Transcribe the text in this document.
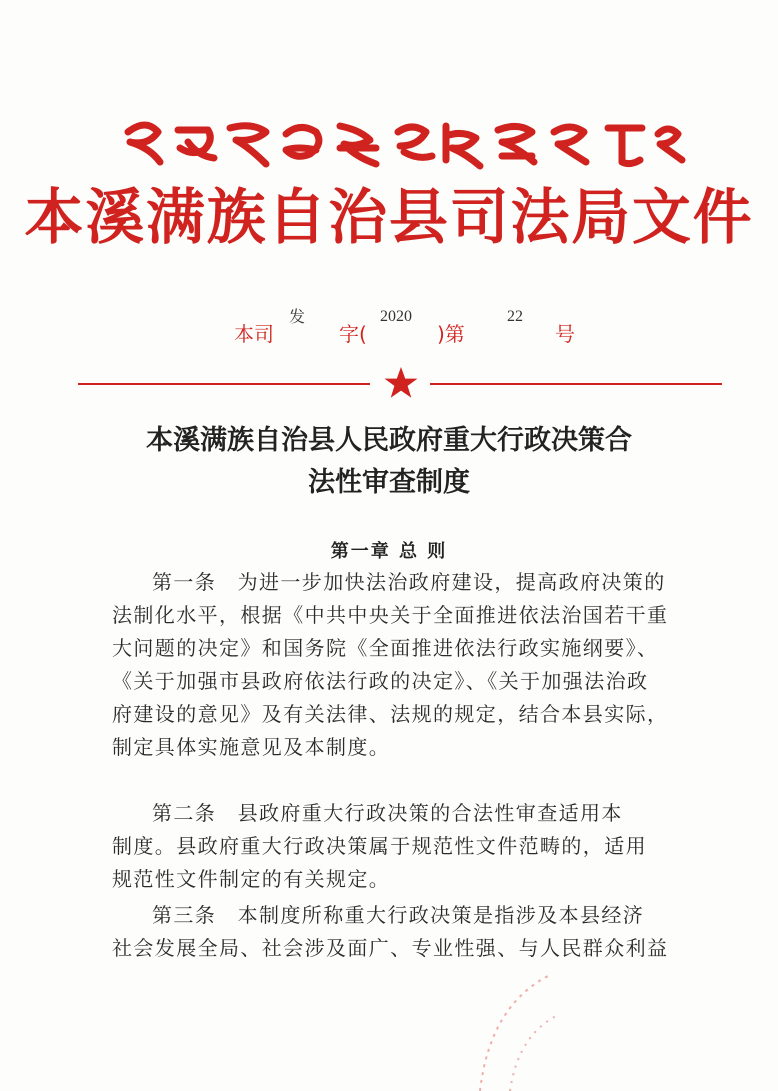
ᠪᡝᠨ ᠰᡳ ᠮᠠᠨᠵᡠ ᡠᡴᠰᡠᡵᠠ
本溪满族自治县司法局文件
本司
发
字(
2020
)第
22
号
本溪满族自治县人民政府重大行政决策合
法性审查制度
第一章 总 则
第一条　为进一步加快法治政府建设，提高政府决策的
法制化水平，根据《中共中央关于全面推进依法治国若干重
大问题的决定》和国务院《全面推进依法行政实施纲要》、
《关于加强市县政府依法行政的决定》、《关于加强法治政
府建设的意见》及有关法律、法规的规定，结合本县实际，
制定具体实施意见及本制度。
第二条　县政府重大行政决策的合法性审查适用本
制度。县政府重大行政决策属于规范性文件范畴的，适用
规范性文件制定的有关规定。
第三条　本制度所称重大行政决策是指涉及本县经济
社会发展全局、社会涉及面广、专业性强、与人民群众利益
